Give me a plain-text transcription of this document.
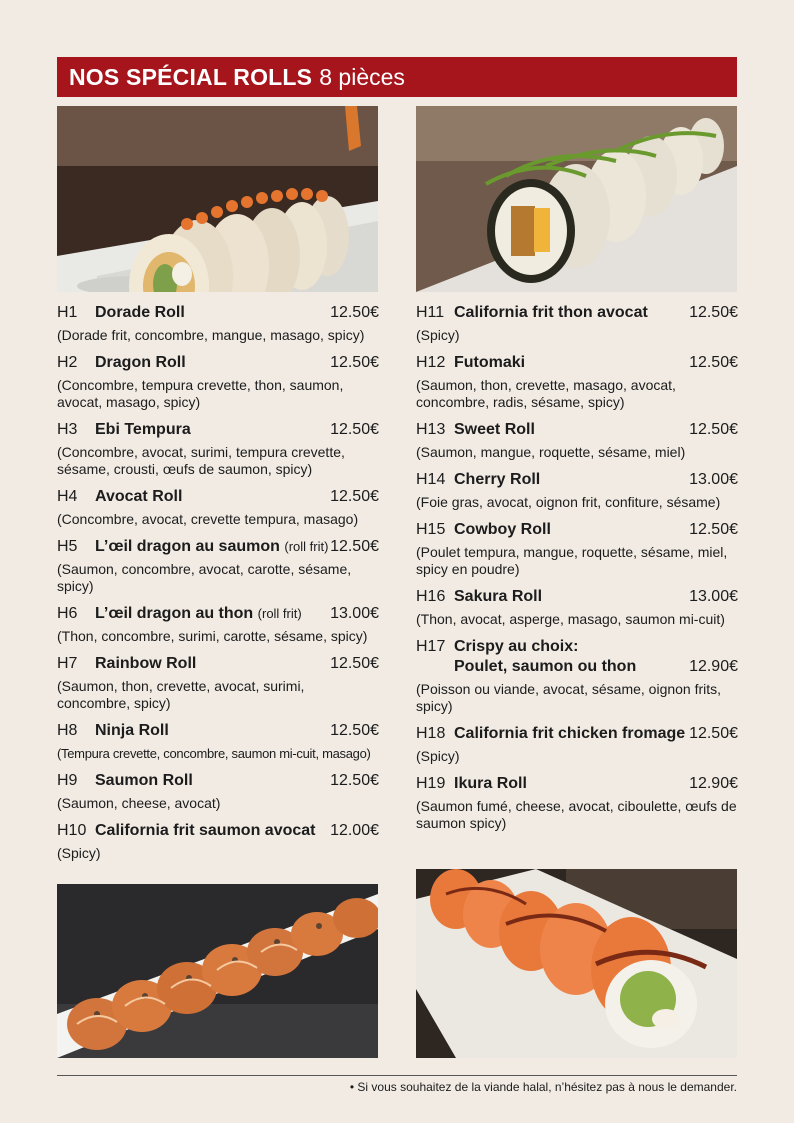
NOS SPÉCIAL ROLLS 8 pièces
H1	Dorade Roll	12.50€
(Dorade frit, concombre, mangue, masago, spicy)
H2	Dragon Roll	12.50€
(Concombre, tempura crevette, thon, saumon, avocat, masago, spicy)
H3	Ebi Tempura	12.50€
(Concombre, avocat, surimi, tempura crevette, sésame, crousti, œufs de saumon, spicy)
H4	Avocat Roll	12.50€
(Concombre, avocat, crevette tempura, masago)
H5	L’œil dragon au saumon (roll frit) 12.50€
(Saumon, concombre, avocat, carotte, sésame, spicy)
H6	L’œil dragon au thon (roll frit)	13.00€
(Thon, concombre, surimi, carotte, sésame, spicy)
H7	Rainbow Roll	12.50€
(Saumon, thon, crevette, avocat, surimi, concombre, spicy)
H8	Ninja Roll	12.50€
(Tempura crevette, concombre, saumon mi-cuit, masago)
H9	Saumon Roll	12.50€
(Saumon, cheese, avocat)
H10 California frit saumon avocat 12.00€
(Spicy)
H11 California frit thon avocat	12.50€
(Spicy)
H12 Futomaki	12.50€
(Saumon, thon, crevette, masago, avocat, concombre, radis, sésame, spicy)
H13 Sweet Roll	12.50€
(Saumon, mangue, roquette, sésame, miel)
H14 Cherry Roll	13.00€
(Foie gras, avocat, oignon frit, confiture, sésame)
H15 Cowboy Roll	12.50€
(Poulet tempura, mangue, roquette, sésame, miel, spicy en poudre)
H16 Sakura Roll	13.00€
(Thon, avocat, asperge, masago, saumon mi-cuit)
H17 Crispy au choix:
Poulet, saumon ou thon	12.90€
(Poisson ou viande, avocat, sésame, oignon frits, spicy)
H18 California frit chicken fromage 12.50€
(Spicy)
H19 Ikura Roll	12.90€
(Saumon fumé, cheese, avocat, ciboulette, œufs de saumon spicy)
• Si vous souhaitez de la viande halal, n’hésitez pas à nous le demander.
